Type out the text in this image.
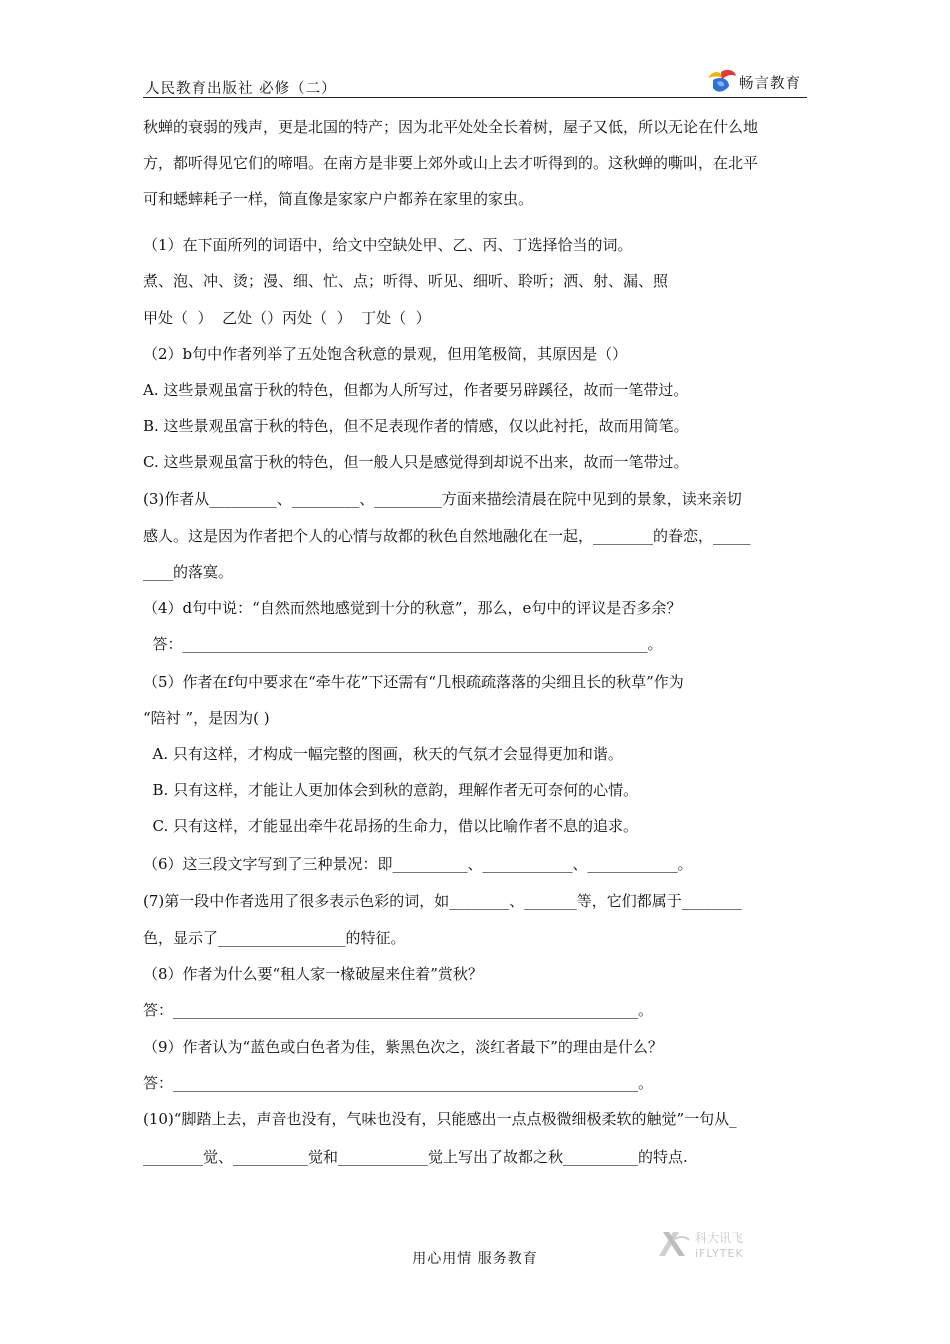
人民教育出版社 必修（二）	畅言教育
秋蝉的衰弱的残声，更是北国的特产；因为北平处处全长着树，屋子又低，所以无论在什么地
方，都听得见它们的啼唱。在南方是非要上郊外或山上去才听得到的。这秋蝉的嘶叫，在北平
可和蟋蟀耗子一样，简直像是家家户户都养在家里的家虫。
（1）在下面所列的词语中，给文中空缺处甲、乙、丙、丁选择恰当的词。
煮、泡、冲、烫；漫、细、忙、点；听得、听见、细听、聆听；洒、射、漏、照
甲处（  ）  乙处（）丙处（  ）  丁处（  ）
（2）b句中作者列举了五处饱含秋意的景观，但用笔极简，其原因是（）
A. 这些景观虽富于秋的特色，但都为人所写过，作者要另辟蹊径，故而一笔带过。
B. 这些景观虽富于秋的特色，但不足表现作者的情感，仅以此衬托，故而用简笔。
C. 这些景观虽富于秋的特色，但一般人只是感觉得到却说不出来，故而一笔带过。
(3)作者从_________、_________、_________方面来描绘清晨在院中见到的景象，读来亲切
感人。这是因为作者把个人的心情与故都的秋色自然地融化在一起，________的眷恋，_____
____的落寞。
（4）d句中说：“自然而然地感觉到十分的秋意”，那么，e句中的评议是否多余？
答：______________________________________________________________。
（5）作者在f句中要求在“牵牛花”下还需有“几根疏疏落落的尖细且长的秋草”作为
“陪衬 ”，是因为( )
A. 只有这样，才构成一幅完整的图画，秋天的气氛才会显得更加和谐。
B. 只有这样，才能让人更加体会到秋的意韵，理解作者无可奈何的心情。
C. 只有这样，才能显出牵牛花昂扬的生命力，借以比喻作者不息的追求。
（6）这三段文字写到了三种景况：即__________、____________、____________。
(7)第一段中作者选用了很多表示色彩的词，如________、_______等，它们都属于________
色，显示了_________________的特征。
（8）作者为什么要“租人家一椽破屋来住着”赏秋？
答：______________________________________________________________。
（9）作者认为“蓝色或白色者为佳，紫黑色次之，淡红者最下”的理由是什么？
答：______________________________________________________________。
(10)“脚踏上去，声音也没有，气味也没有，只能感出一点点极微细极柔软的触觉”一句从_
________觉、__________觉和____________觉上写出了故都之秋__________的特点.
科大讯飞
iFLYTEK
用心用情 服务教育
